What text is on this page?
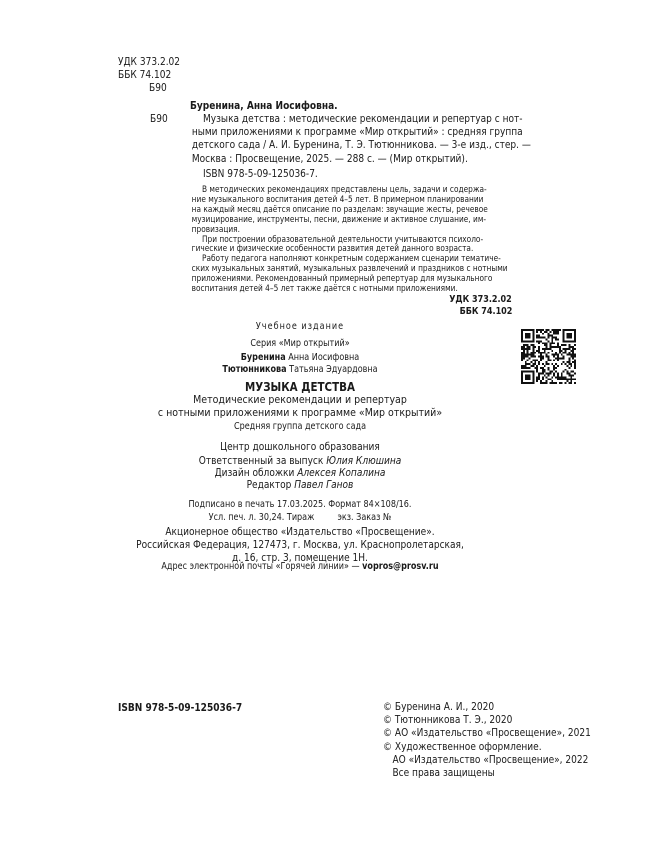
УДК 373.2.02
ББК 74.102
Б90
Буренина, Анна Иосифовна.
Б90	Музыка детства : методические рекомендации и репертуар с нот-
ными приложениями к программе «Мир открытий» : средняя группа
детского сада / А. И. Буренина, Т. Э. Тютюнникова. — 3-е изд., стер. —
Москва : Просвещение, 2025. — 288 с. — (Мир открытий).
ISBN 978-5-09-125036-7.
В методических рекомендациях представлены цель, задачи и содержа-
ние музыкального воспитания детей 4–5 лет. В примерном планировании
на каждый месяц даётся описание по разделам: звучащие жесты, речевое
музицирование, инструменты, песни, движение и активное слушание, им-
провизация.
При построении образовательной деятельности учитываются психоло-
гические и физические особенности развития детей данного возраста.
Работу педагога наполняют конкретным содержанием сценарии тематиче-
ских музыкальных занятий, музыкальных развлечений и праздников с нотными
приложениями. Рекомендованный примерный репертуар для музыкального
воспитания детей 4–5 лет также даётся с нотными приложениями.
УДК 373.2.02
ББК 74.102
Учебное издание
Серия «Мир открытий»
Буренина Анна Иосифовна
Тютюнникова Татьяна Эдуардовна
МУЗЫКА ДЕТСТВА
Методические рекомендации и репертуар
с нотными приложениями к программе «Мир открытий»
Средняя группа детского сада
Центр дошкольного образования
Ответственный за выпуск Юлия Клюшина
Дизайн обложки Алексея Копалина
Редактор Павел Ганов
Подписано в печать 17.03.2025. Формат 84×108/16.
Усл. печ. л. 30,24. Тираж         экз. Заказ №
Акционерное общество «Издательство «Просвещение».
Российская Федерация, 127473, г. Москва, ул. Краснопролетарская,
д. 16, стр. 3, помещение 1Н.
Адрес электронной почты «Горячей линии» — vopros@prosv.ru
ISBN 978-5-09-125036-7	© Буренина А. И., 2020
© Тютюнникова Т. Э., 2020
© АО «Издательство «Просвещение», 2021
© Художественное оформление.
АО «Издательство «Просвещение», 2022
Все права защищены
